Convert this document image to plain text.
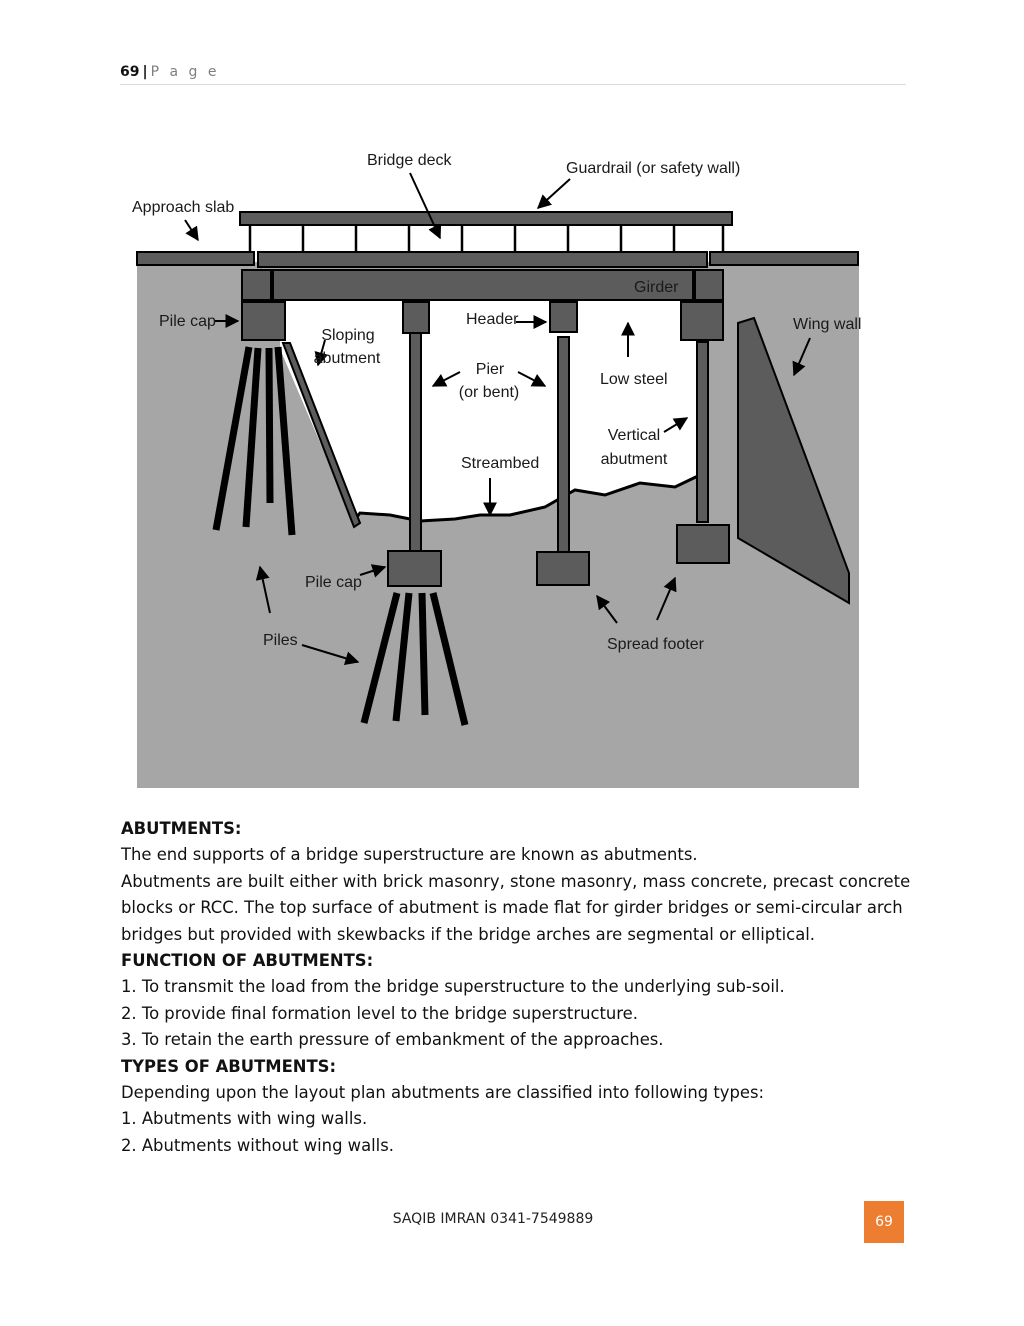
69 | P a g e
Approach slab
Bridge deck	Guardrail (or safety wall)
Girder
Pile cap
Sloping
abutment
Header
Pier
(or bent)
Low steel
Wing wall
Vertical
abutment
Streambed
Pile cap
Piles	Spread footer

ABUTMENTS:

The end supports of a bridge superstructure are known as abutments.

Abutments are built either with brick masonry, stone masonry, mass concrete, precast concrete blocks or RCC. The top surface of abutment is made flat for girder bridges or semi-circular arch bridges but provided with skewbacks if the bridge arches are segmental or elliptical.

FUNCTION OF ABUTMENTS:

1. To transmit the load from the bridge superstructure to the underlying sub-soil.

2. To provide final formation level to the bridge superstructure.

3. To retain the earth pressure of embankment of the approaches.

TYPES OF ABUTMENTS:

Depending upon the layout plan abutments are classified into following types:

1. Abutments with wing walls.

2. Abutments without wing walls.

SAQIB IMRAN 0341-7549889	69
